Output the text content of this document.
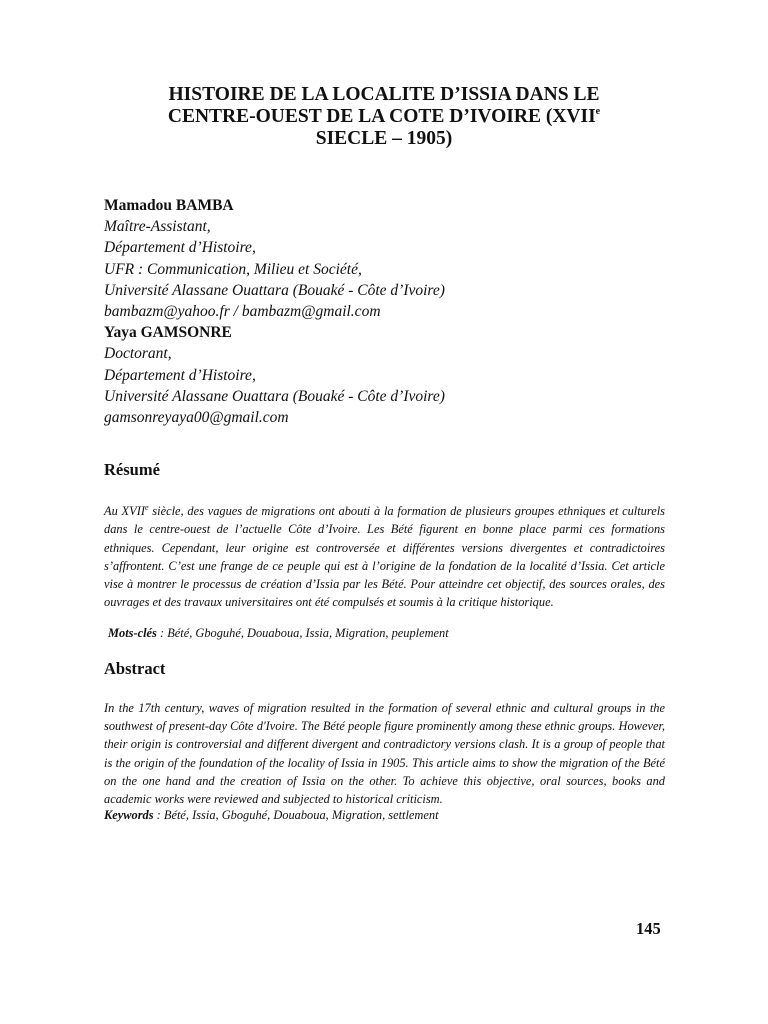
HISTOIRE DE LA LOCALITE D’ISSIA DANS LE
CENTRE-OUEST DE LA COTE D’IVOIRE (XVIIe
SIECLE – 1905)
Mamadou BAMBA
Maître-Assistant,
Département d’Histoire,
UFR : Communication, Milieu et Société,
Université Alassane Ouattara (Bouaké - Côte d’Ivoire)
bambazm@yahoo.fr / bambazm@gmail.com
Yaya GAMSONRE
Doctorant,
Département d’Histoire,
Université Alassane Ouattara (Bouaké - Côte d’Ivoire)
gamsonreyaya00@gmail.com
Résumé

Au XVIIe siècle, des vagues de migrations ont abouti à la formation de plusieurs groupes ethniques et culturels dans le centre-ouest de l’actuelle Côte d’Ivoire. Les Bété figurent en bonne place parmi ces formations ethniques. Cependant, leur origine est controversée et différentes versions divergentes et contradictoires s’affrontent. C’est une frange de ce peuple qui est à l’origine de la fondation de la localité d’Issia. Cet article vise à montrer le processus de création d’Issia par les Bété. Pour atteindre cet objectif, des sources orales, des ouvrages et des travaux universitaires ont été compulsés et soumis à la critique historique.

Mots-clés : Bété, Gboguhé, Douaboua, Issia, Migration, peuplement
Abstract

In the 17th century, waves of migration resulted in the formation of several ethnic and cultural groups in the southwest of present-day Côte d'Ivoire. The Bété people figure prominently among these ethnic groups. However, their origin is controversial and different divergent and contradictory versions clash. It is a group of people that is the origin of the foundation of the locality of Issia in 1905. This article aims to show the migration of the Bété on the one hand and the creation of Issia on the other. To achieve this objective, oral sources, books and academic works were reviewed and subjected to historical criticism.

Keywords : Bété, Issia, Gboguhé, Douaboua, Migration, settlement
145
